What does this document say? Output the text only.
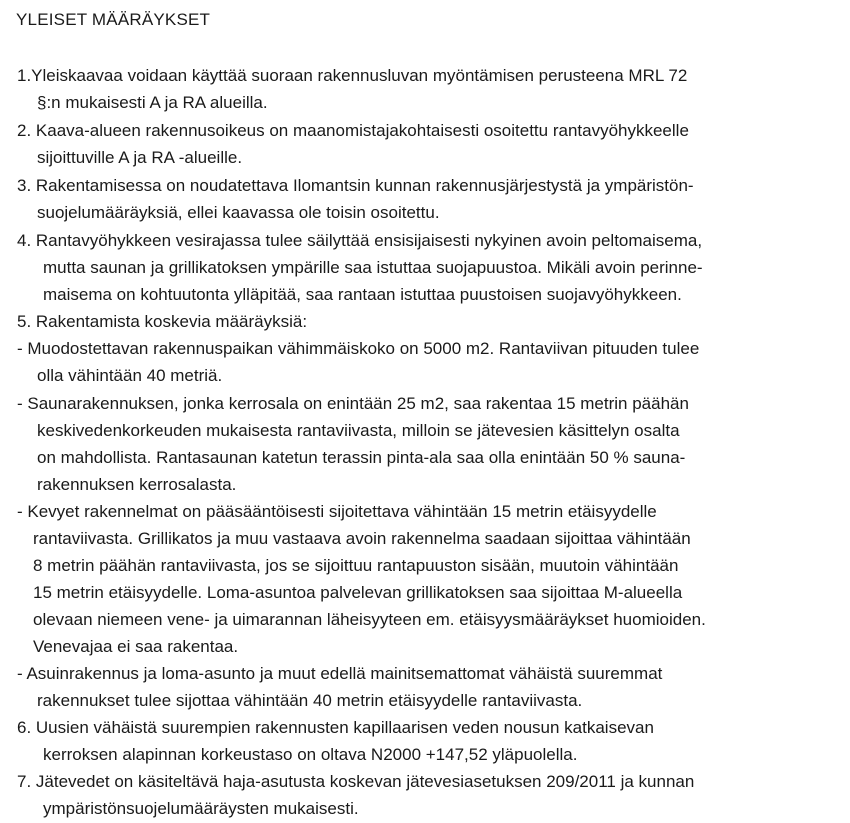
YLEISET MÄÄRÄYKSET
1.Yleiskaavaa voidaan käyttää suoraan rakennusluvan myöntämisen perusteena MRL 72
§:n mukaisesti A ja RA alueilla.
2. Kaava-alueen rakennusoikeus on maanomistajakohtaisesti osoitettu rantavyöhykkeelle
sijoittuville A ja RA -alueille.
3. Rakentamisessa on noudatettava Ilomantsin kunnan rakennusjärjestystä ja ympäristön-
suojelumääräyksiä, ellei kaavassa ole toisin osoitettu.
4. Rantavyöhykkeen vesirajassa tulee säilyttää ensisijaisesti nykyinen avoin peltomaisema,
mutta saunan ja grillikatoksen ympärille saa istuttaa suojapuustoa. Mikäli avoin perinne-
maisema on kohtuutonta ylläpitää, saa rantaan istuttaa puustoisen suojavyöhykkeen.
5. Rakentamista koskevia määräyksiä:
- Muodostettavan rakennuspaikan vähimmäiskoko on 5000 m2. Rantaviivan pituuden tulee
olla vähintään 40 metriä.
- Saunarakennuksen, jonka kerrosala on enintään 25 m2, saa rakentaa 15 metrin päähän
keskivedenkorkeuden mukaisesta rantaviivasta, milloin se jätevesien käsittelyn osalta
on mahdollista. Rantasaunan katetun terassin pinta-ala saa olla enintään 50 % sauna-
rakennuksen kerrosalasta.
- Kevyet rakennelmat on pääsääntöisesti sijoitettava vähintään 15 metrin etäisyydelle
rantaviivasta. Grillikatos ja muu vastaava avoin rakennelma saadaan sijoittaa vähintään
8 metrin päähän rantaviivasta, jos se sijoittuu rantapuuston sisään, muutoin vähintään
15 metrin etäisyydelle. Loma-asuntoa palvelevan grillikatoksen saa sijoittaa M-alueella
olevaan niemeen vene- ja uimarannan läheisyyteen em. etäisyysmääräykset huomioiden.
Venevajaa ei saa rakentaa.
- Asuinrakennus ja loma-asunto ja muut edellä mainitsemattomat vähäistä suuremmat
rakennukset tulee sijottaa vähintään 40 metrin etäisyydelle rantaviivasta.
6. Uusien vähäistä suurempien rakennusten kapillaarisen veden nousun katkaisevan
kerroksen alapinnan korkeustaso on oltava N2000 +147,52 yläpuolella.
7. Jätevedet on käsiteltävä haja-asutusta koskevan jätevesiasetuksen 209/2011 ja kunnan
ympäristönsuojelumääräysten mukaisesti.
